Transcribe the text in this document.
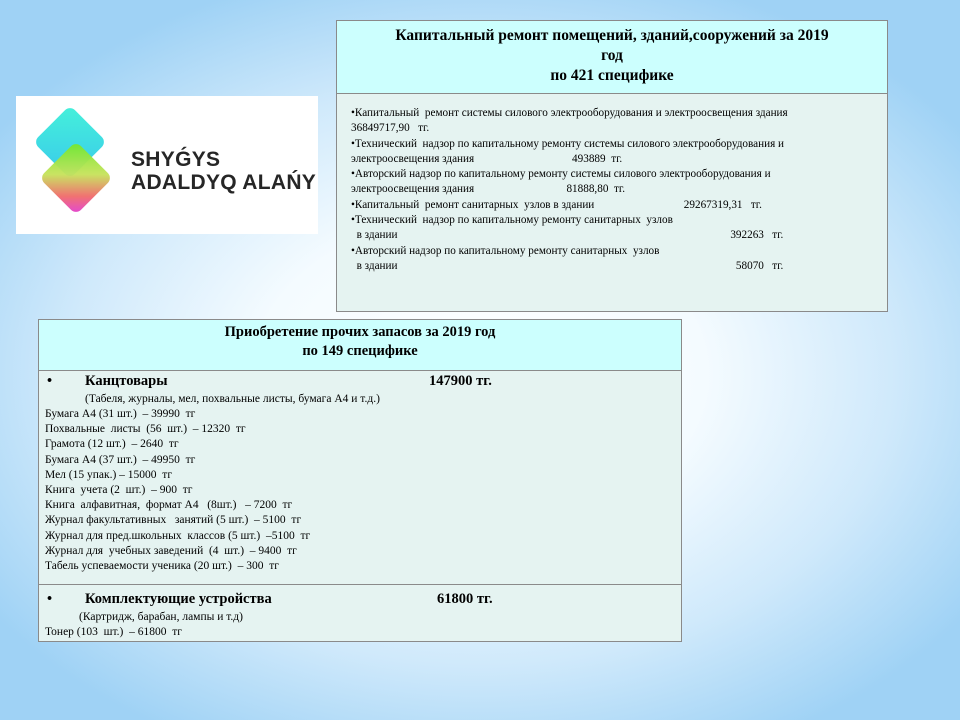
SHYǴYS
ADALDYQ ALAŃY
Капитальный ремонт помещений, зданий,сооружений за 2019
год
по 421 специфике
•Капитальный  ремонт системы силового электрооборудования и электроосвещения здания
36849717,90   тг.
•Технический  надзор по капитальному ремонту системы силового электрооборудования и
электроосвещения здания                                   493889  тг.
•Авторский надзор по капитальному ремонту системы силового электрооборудования и
электроосвещения здания                                 81888,80  тг.
•Капитальный  ремонт санитарных  узлов в здании                                29267319,31   тг.
•Технический  надзор по капитальному ремонту санитарных  узлов
в здании                                                                                                                       392263   тг.
•Авторский надзор по капитальному ремонту санитарных  узлов
в здании                                                                                                                         58070   тг.
Приобретение прочих запасов за 2019 год
по 149 специфике
• Канцтовары	147900 тг.
(Табеля, журналы, мел, похвальные листы, бумага А4 и т.д.)
Бумага А4 (31 шт.)  – 39990  тг
Похвальные  листы  (56  шт.)  – 12320  тг
Грамота (12 шт.)  – 2640  тг
Бумага А4 (37 шт.)  – 49950  тг
Мел (15 упак.) – 15000  тг
Книга  учета (2  шт.)  – 900  тг
Книга  алфавитная,  формат А4   (8шт.)   – 7200  тг
Журнал факультативных   занятий (5 шт.)  – 5100  тг
Журнал для пред.школьных  классов (5 шт.)  –5100  тг
Журнал для  учебных заведений  (4  шт.)  – 9400  тг
Табель успеваемости ученика (20 шт.)  – 300  тг
• Комплектующие устройства	61800 тг.
(Картридж, барабан, лампы и т.д)
Тонер (103  шт.)  – 61800  тг
